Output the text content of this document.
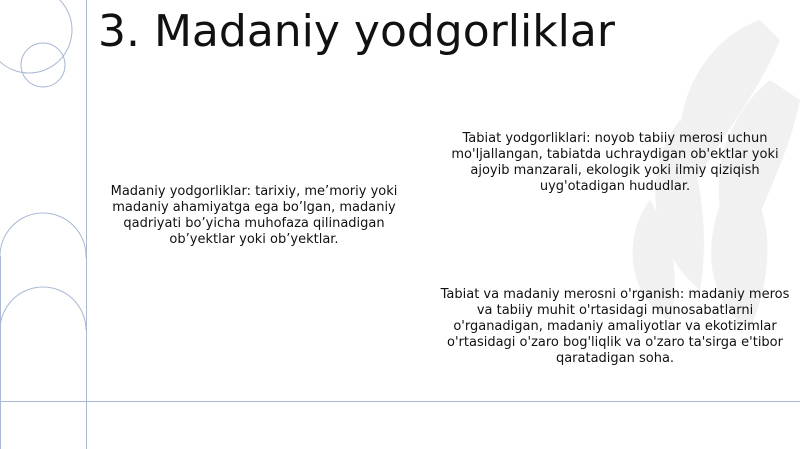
3. Madaniy yodgorliklar

Madaniy yodgorliklar: tarixiy, me’moriy yoki madaniy ahamiyatga ega bo’lgan, madaniy qadriyati bo’yicha muhofaza qilinadigan ob’yektlar yoki ob’yektlar.

Tabiat yodgorliklari: noyob tabiiy merosi uchun mo'ljallangan, tabiatda uchraydigan ob'ektlar yoki ajoyib manzarali, ekologik yoki ilmiy qiziqish uyg'otadigan hududlar.

Tabiat va madaniy merosni o'rganish: madaniy meros va tabiiy muhit o'rtasidagi munosabatlarni o'rganadigan, madaniy amaliyotlar va ekotizimlar o'rtasidagi o'zaro bog'liqlik va o'zaro ta'sirga e'tibor qaratadigan soha.
